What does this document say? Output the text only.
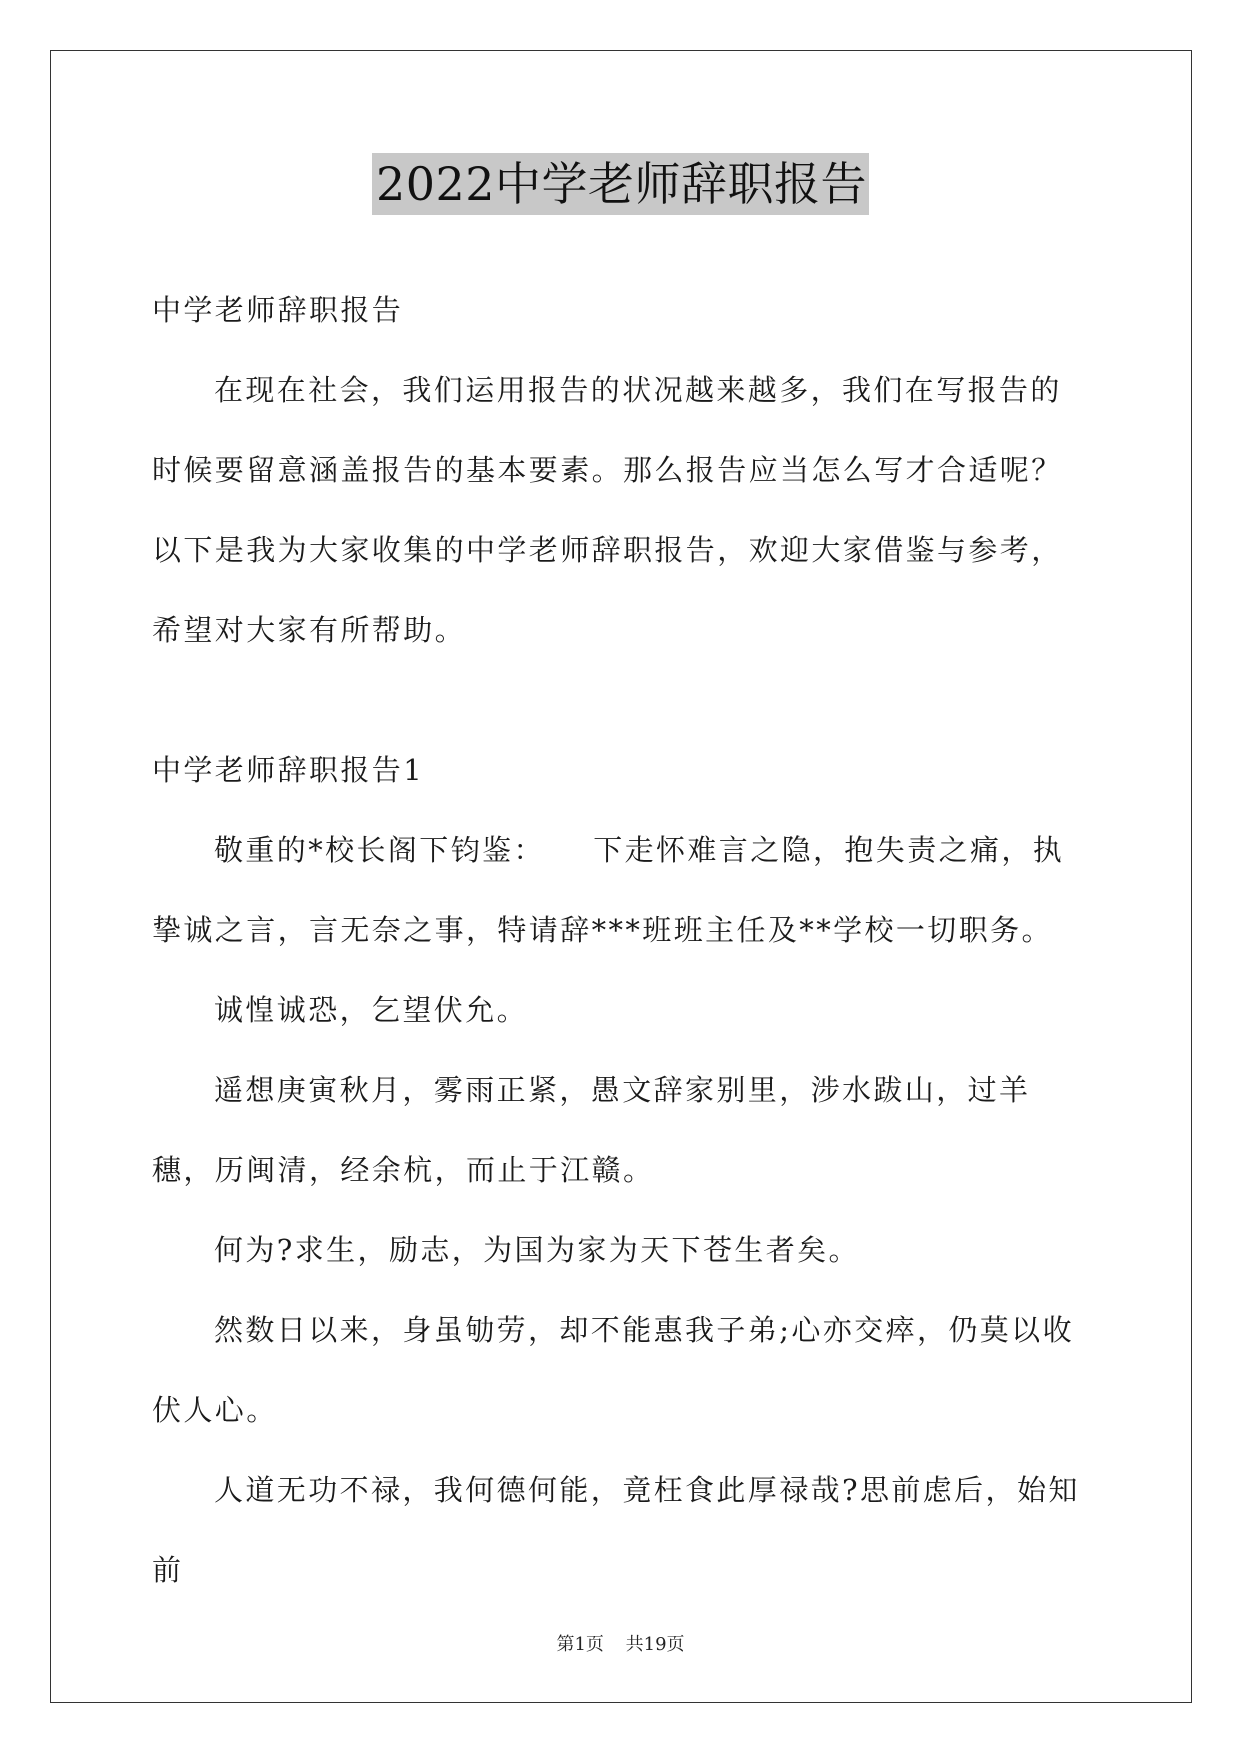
2022中学老师辞职报告

中学老师辞职报告

在现在社会，我们运用报告的状况越来越多，我们在写报告的时候要留意涵盖报告的基本要素。那么报告应当怎么写才合适呢？以下是我为大家收集的中学老师辞职报告，欢迎大家借鉴与参考，希望对大家有所帮助。

中学老师辞职报告1

敬重的*校长阁下钧鉴：　　下走怀难言之隐，抱失责之痛，执挚诚之言，言无奈之事，特请辞***班班主任及**学校一切职务。

诚惶诚恐，乞望伏允。

遥想庚寅秋月，雾雨正紧，愚文辞家别里，涉水跋山，过羊穗，历闽清，经余杭，而止于江赣。

何为?求生，励志，为国为家为天下苍生者矣。

然数日以来，身虽劬劳，却不能惠我子弟;心亦交瘁，仍莫以收伏人心。

人道无功不禄，我何德何能，竟枉食此厚禄哉?思前虑后，始知前

第1页 共19页
